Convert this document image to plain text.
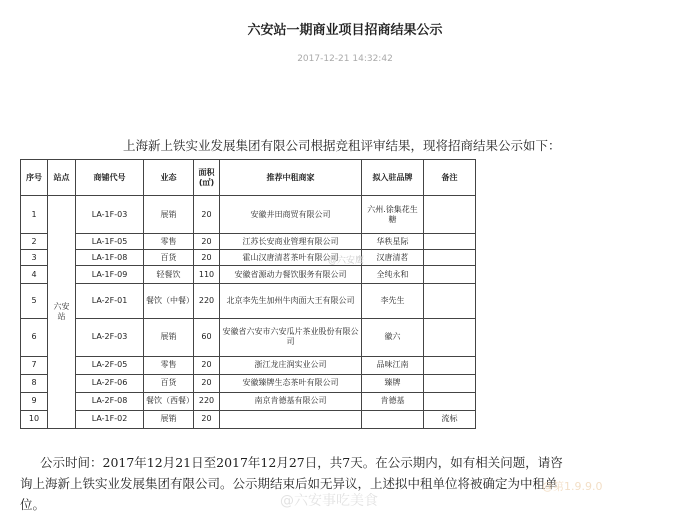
六安站一期商业项目招商结果公示
2017-12-21 14:32:42
上海新上铁实业发展集团有限公司根据竞租评审结果，现将招商结果公示如下：
序号	站点	商铺代号	业态	面积(㎡)	推荐中租商家	拟入驻品牌	备注
1	六安站	LA-1F-03	展销	20	安徽井田商贸有限公司	六州.徐集花生糖	
2		LA-1F-05	零售	20	江苏长安商业管理有限公司	华秩星际	
3		LA-1F-08	百货	20	霍山汉唐清茗茶叶有限公司	汉唐清茗	
4		LA-1F-09	轻餐饮	110	安徽省源动力餐饮服务有限公司	全纯永和	
5		LA-2F-01	餐饮（中餐）	220	北京李先生加州牛肉面大王有限公司	李先生	
6		LA-2F-03	展销	60	安徽省六安市六安瓜片茶业股份有限公司	徽六	
7		LA-2F-05	零售	20	浙江龙庄润实业公司	品味江南	
8		LA-2F-06	百货	20	安徽臻牌生态茶叶有限公司	臻牌	
9		LA-2F-08	餐饮（西餐）	220	南京肯德基有限公司	肯德基	
10		LA-1F-02	展销	20			流标
@六安鹰
公示时间：2017年12月21日至2017年12月27日，共7天。在公示期内，如有相关问题，请咨询上海新上铁实业发展集团有限公司。公示期结束后如无异议，上述拟中租单位将被确定为中租单位。	@六安事吃美食
@第1.9.9.0
